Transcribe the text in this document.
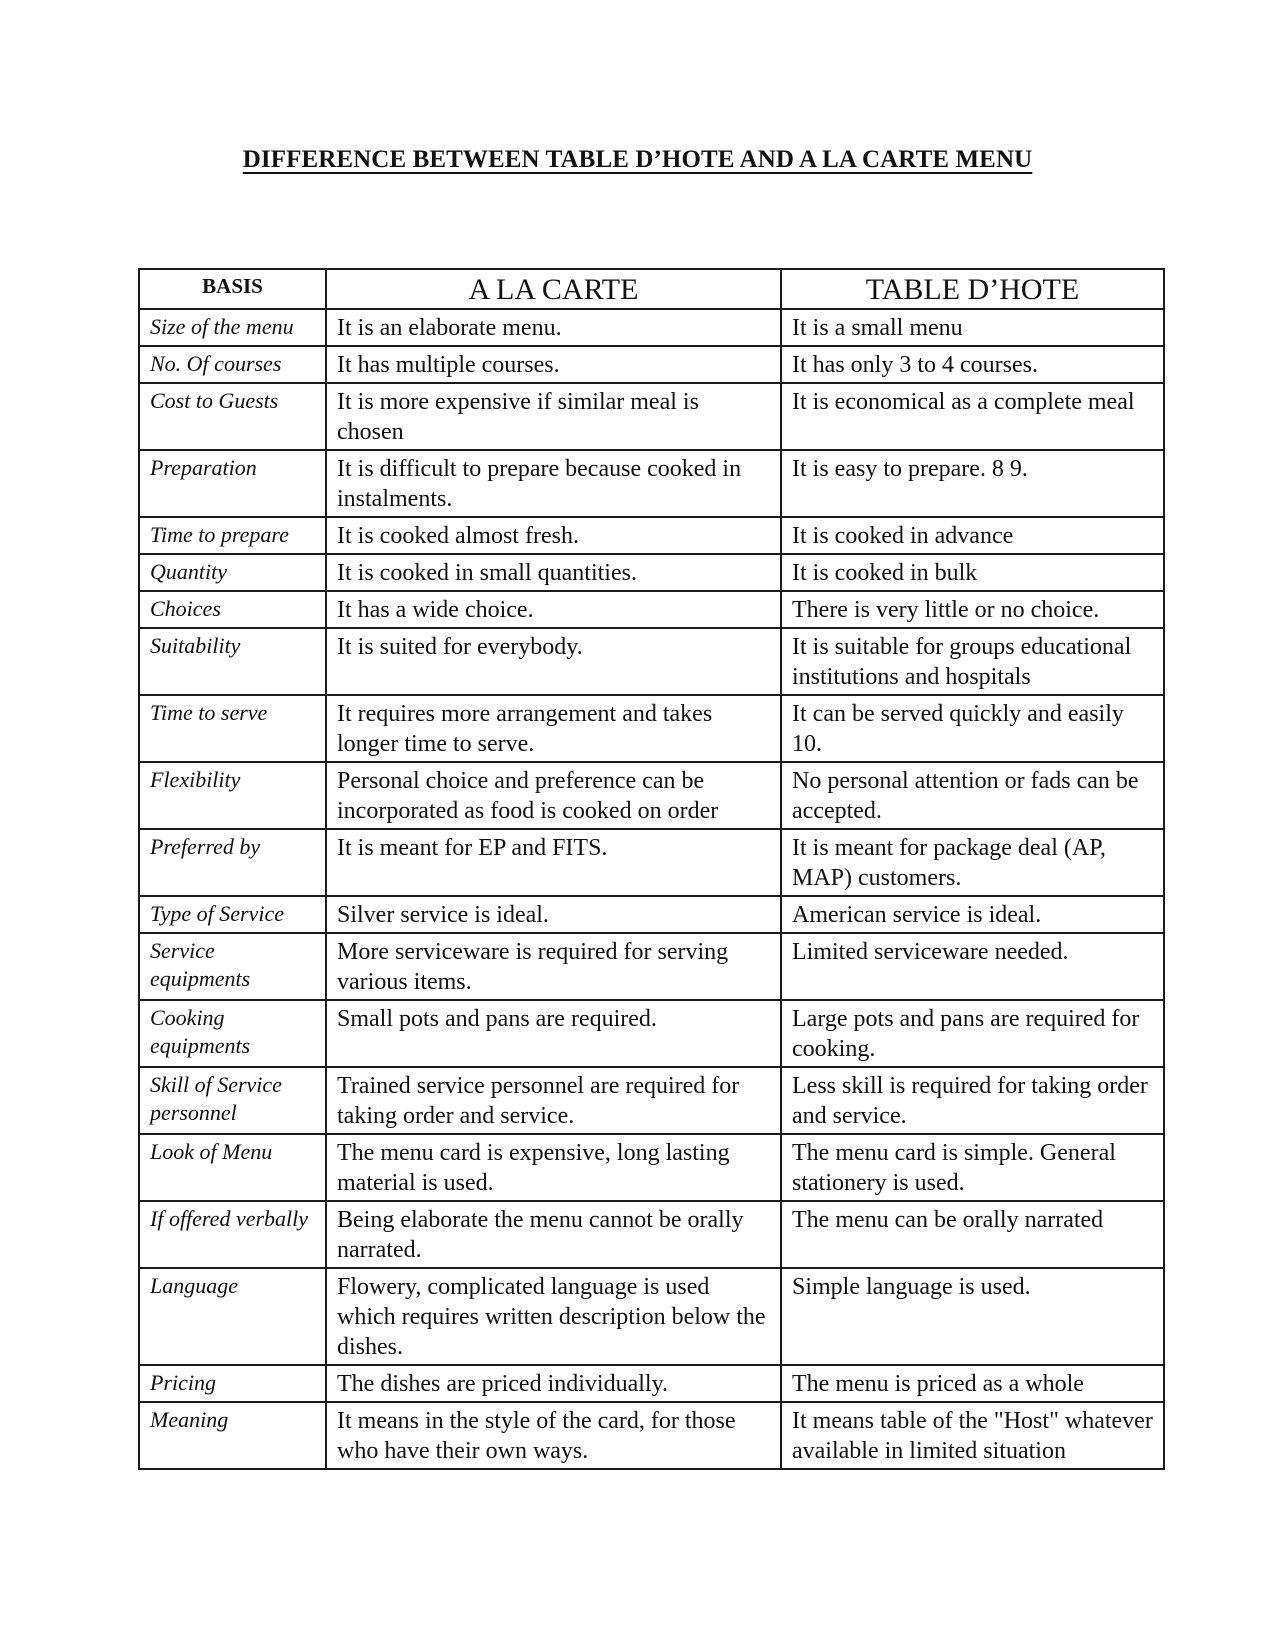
DIFFERENCE BETWEEN TABLE D’HOTE AND A LA CARTE MENU
BASIS	A LA CARTE	TABLE D’HOTE
Size of the menu	It is an elaborate menu.	It is a small menu
No. Of courses	It has multiple courses.	It has only 3 to 4 courses.
Cost to Guests	It is more expensive if similar meal is chosen	It is economical as a complete meal
Preparation	It is difficult to prepare because cooked in instalments.	It is easy to prepare. 8 9.
Time to prepare	It is cooked almost fresh.	It is cooked in advance
Quantity	It is cooked in small quantities.	It is cooked in bulk
Choices	It has a wide choice.	There is very little or no choice.
Suitability	It is suited for everybody.	It is suitable for groups educational institutions and hospitals
Time to serve	It requires more arrangement and takes longer time to serve.	It can be served quickly and easily 10.
Flexibility	Personal choice and preference can be incorporated as food is cooked on order	No personal attention or fads can be accepted.
Preferred by	It is meant for EP and FITS.	It is meant for package deal (AP, MAP) customers.
Type of Service	Silver service is ideal.	American service is ideal.
Service equipments	More serviceware is required for serving various items.	Limited serviceware needed.
Cooking equipments	Small pots and pans are required.	Large pots and pans are required for cooking.
Skill of Service personnel	Trained service personnel are required for taking order and service.	Less skill is required for taking order and service.
Look of Menu	The menu card is expensive, long lasting material is used.	The menu card is simple. General stationery is used.
If offered verbally	Being elaborate the menu cannot be orally narrated.	The menu can be orally narrated
Language	Flowery, complicated language is used which requires written description below the dishes.	Simple language is used.
Pricing	The dishes are priced individually.	The menu is priced as a whole
Meaning	It means in the style of the card, for those who have their own ways.	It means table of the "Host" whatever available in limited situation
